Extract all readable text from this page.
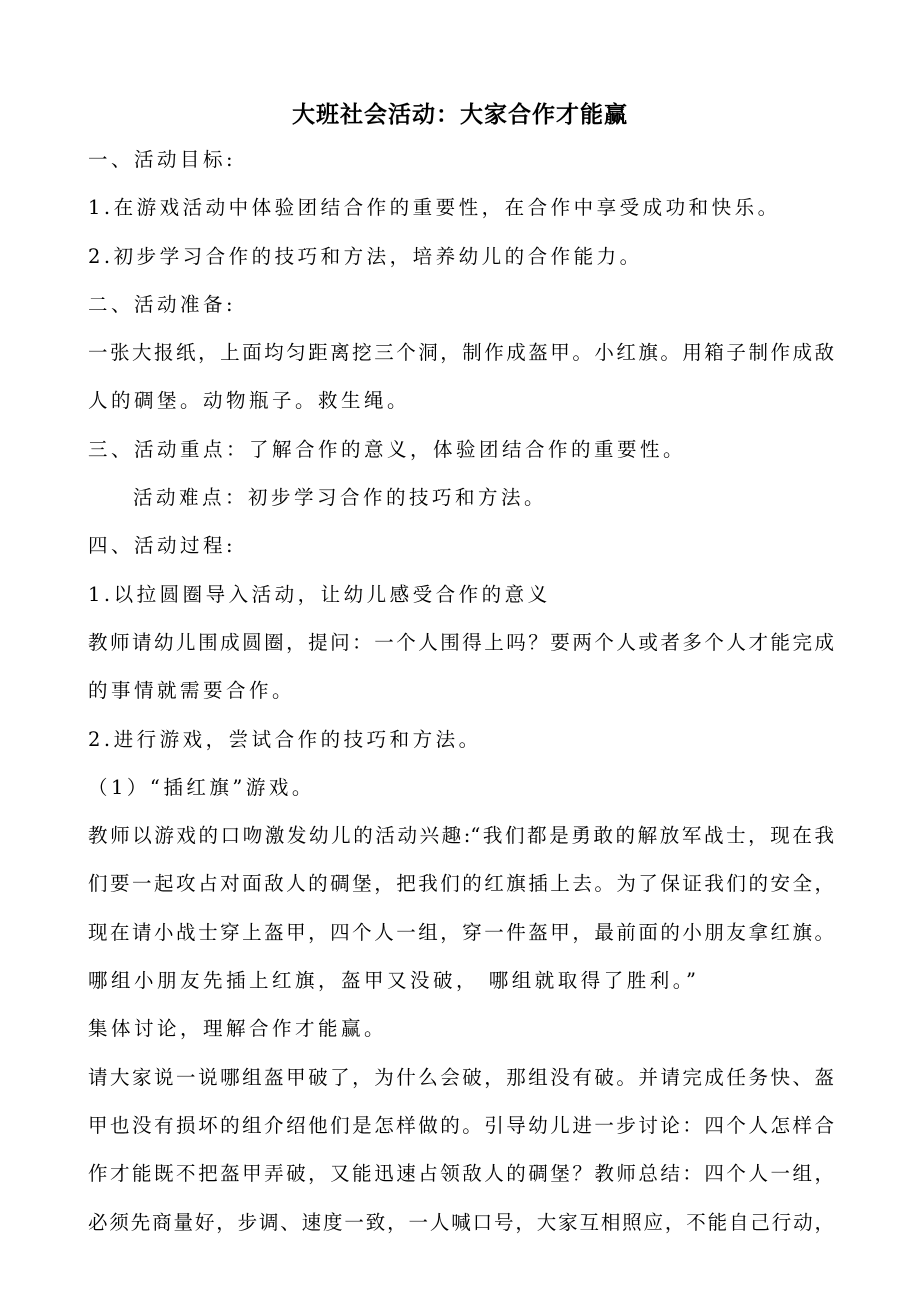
大班社会活动：大家合作才能赢
一、活动目标:
1.在游戏活动中体验团结合作的重要性，在合作中享受成功和快乐。
2.初步学习合作的技巧和方法，培养幼儿的合作能力。
二、活动准备:
一张大报纸，上面均匀距离挖三个洞，制作成盔甲。小红旗。用箱子制作成敌
人的碉堡。动物瓶子。救生绳。
三、活动重点：了解合作的意义，体验团结合作的重要性。
活动难点：初步学习合作的技巧和方法。
四、活动过程:
1.以拉圆圈导入活动，让幼儿感受合作的意义
教师请幼儿围成圆圈，提问：一个人围得上吗？要两个人或者多个人才能完成
的事情就需要合作。
2.进行游戏，尝试合作的技巧和方法。
（1）“插红旗”游戏。
教师以游戏的口吻激发幼儿的活动兴趣:“我们都是勇敢的解放军战士，现在我
们要一起攻占对面敌人的碉堡，把我们的红旗插上去。为了保证我们的安全，
现在请小战士穿上盔甲，四个人一组，穿一件盔甲，最前面的小朋友拿红旗。
哪组小朋友先插上红旗，盔甲又没破， 哪组就取得了胜利。”
集体讨论，理解合作才能赢。
请大家说一说哪组盔甲破了，为什么会破，那组没有破。并请完成任务快、盔
甲也没有损坏的组介绍他们是怎样做的。引导幼儿进一步讨论：四个人怎样合
作才能既不把盔甲弄破，又能迅速占领敌人的碉堡？教师总结：四个人一组，
必须先商量好，步调、速度一致，一人喊口号，大家互相照应，不能自己行动，
